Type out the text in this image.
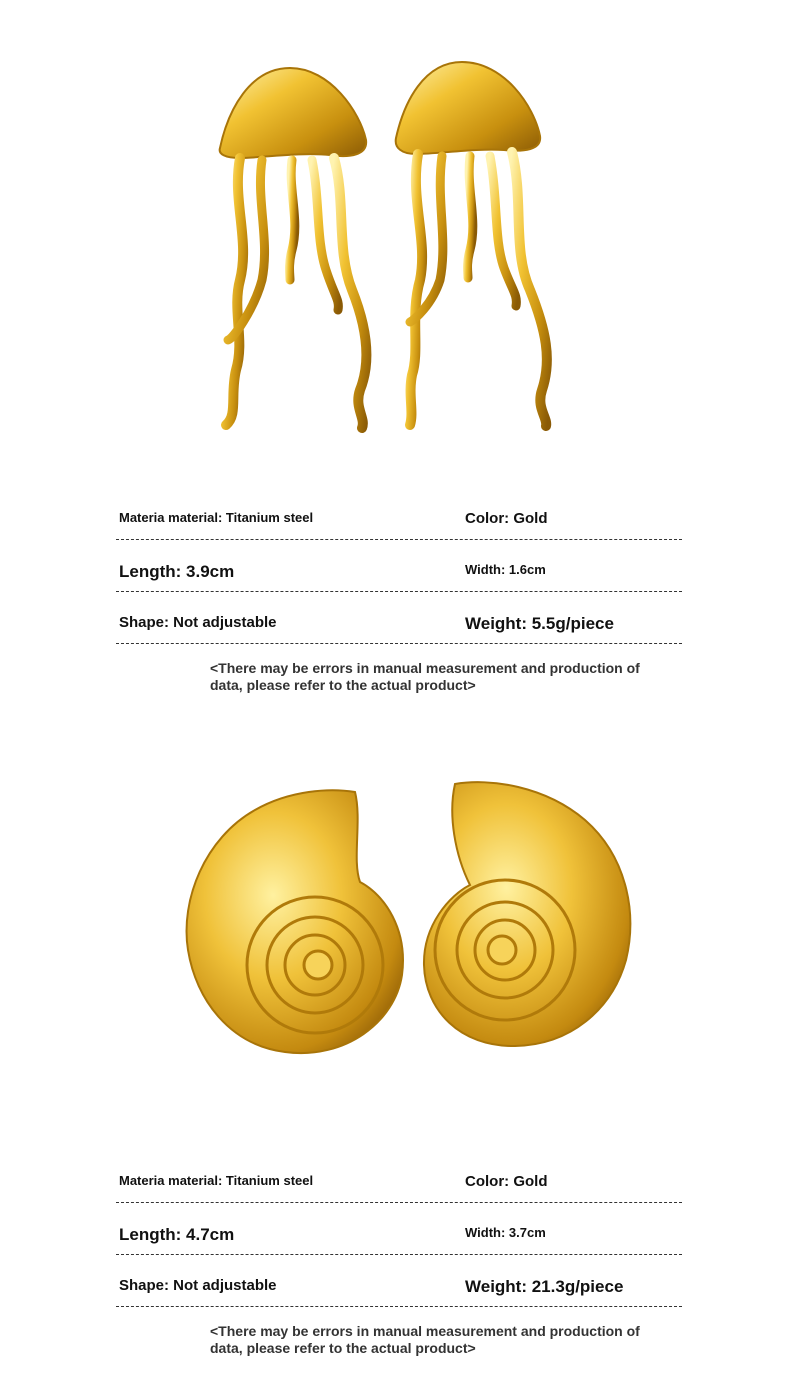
Materia material: Titanium steel	Color: Gold
Length: 3.9cm	Width: 1.6cm
Shape: Not adjustable	Weight: 5.5g/piece
<There may be errors in manual measurement and production of
data, please refer to the actual product>
Materia material: Titanium steel	Color: Gold
Length: 4.7cm	Width: 3.7cm
Shape: Not adjustable	Weight: 21.3g/piece
<There may be errors in manual measurement and production of
data, please refer to the actual product>
